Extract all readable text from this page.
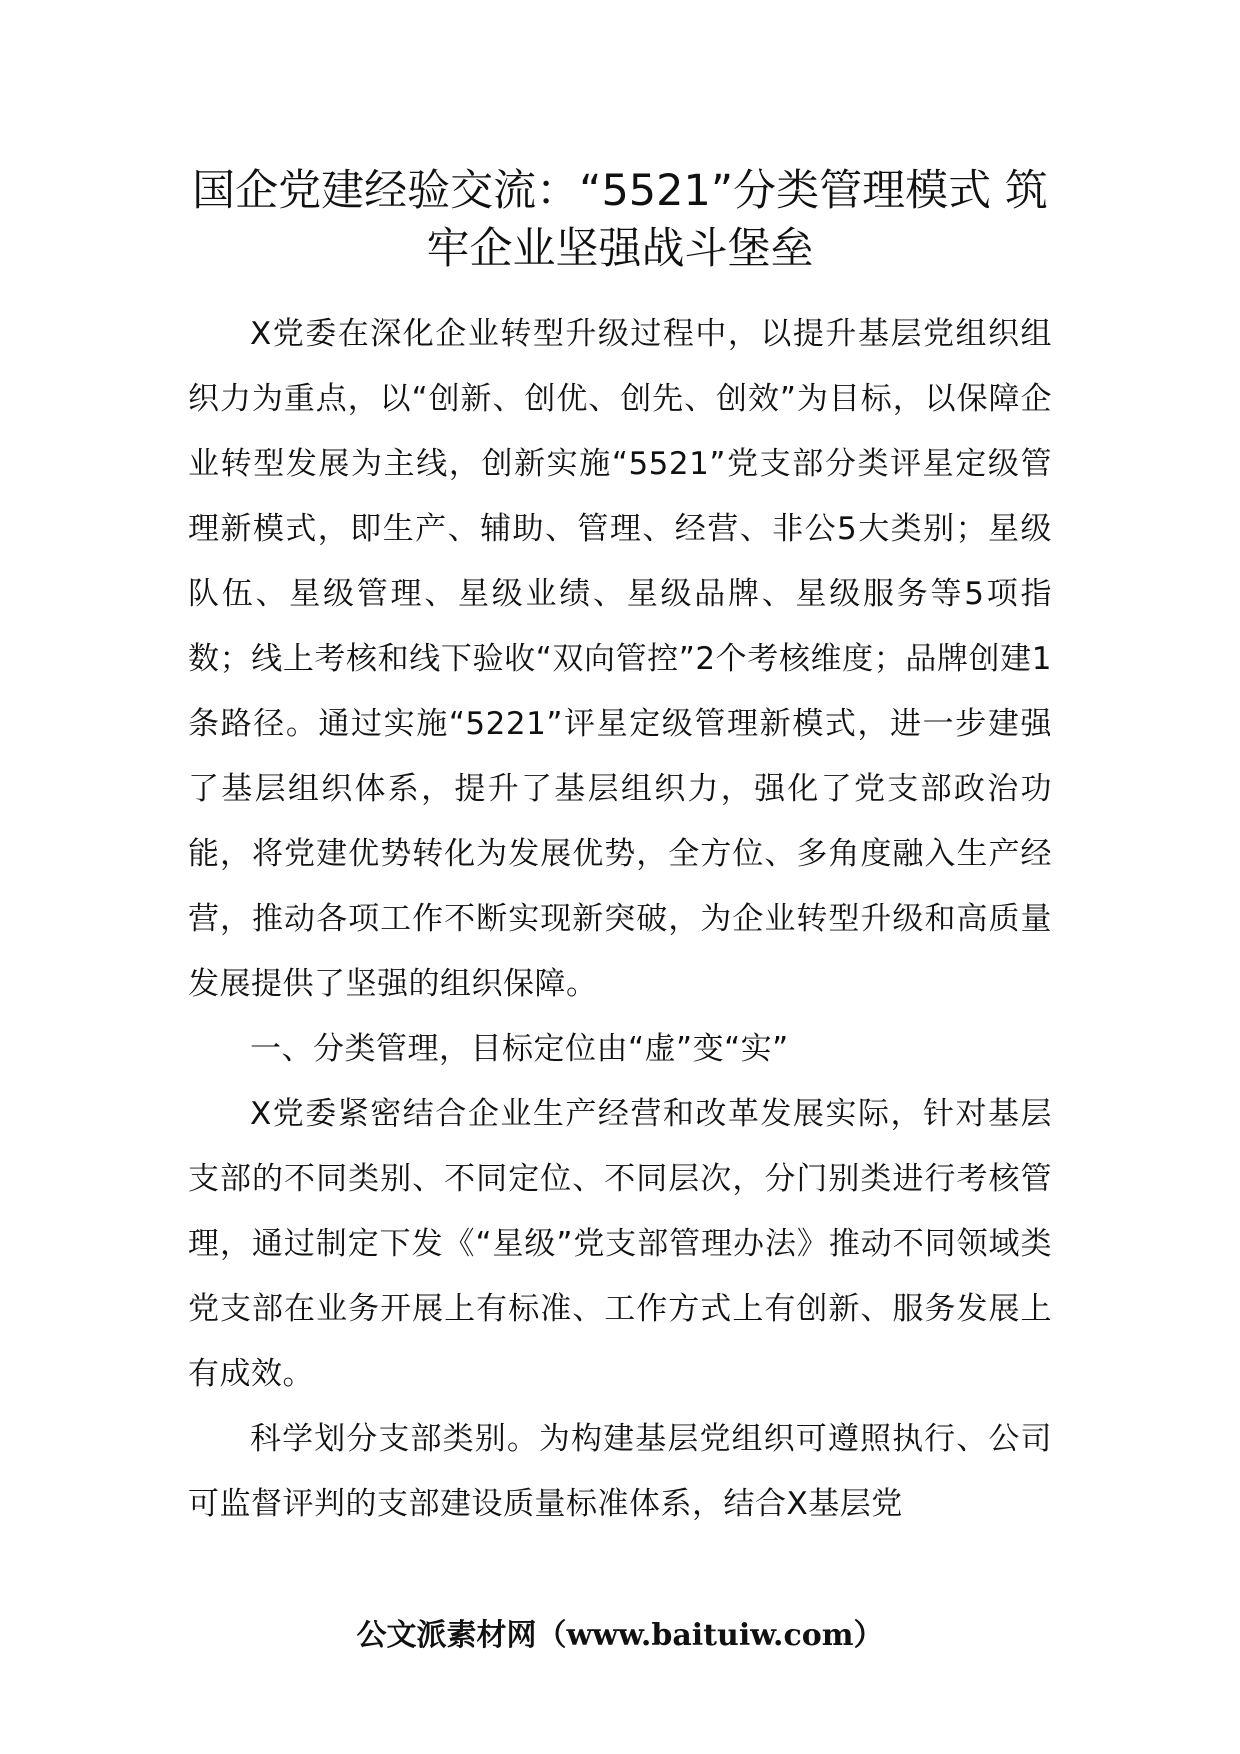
国企党建经验交流：“5521”分类管理模式 筑牢企业坚强战斗堡垒

X党委在深化企业转型升级过程中，以提升基层党组织组织力为重点，以“创新、创优、创先、创效”为目标，以保障企业转型发展为主线，创新实施“5521”党支部分类评星定级管理新模式，即生产、辅助、管理、经营、非公5大类别；星级队伍、星级管理、星级业绩、星级品牌、星级服务等5项指数；线上考核和线下验收“双向管控”2个考核维度；品牌创建1条路径。通过实施“5221”评星定级管理新模式，进一步建强了基层组织体系，提升了基层组织力，强化了党支部政治功能，将党建优势转化为发展优势，全方位、多角度融入生产经营，推动各项工作不断实现新突破，为企业转型升级和高质量发展提供了坚强的组织保障。

一、分类管理，目标定位由“虚”变“实”

X党委紧密结合企业生产经营和改革发展实际，针对基层支部的不同类别、不同定位、不同层次，分门别类进行考核管理，通过制定下发《“星级”党支部管理办法》推动不同领域类党支部在业务开展上有标准、工作方式上有创新、服务发展上有成效。

科学划分支部类别。为构建基层党组织可遵照执行、公司可监督评判的支部建设质量标准体系，结合X基层党

公文派素材网（www.baituiw.com）
